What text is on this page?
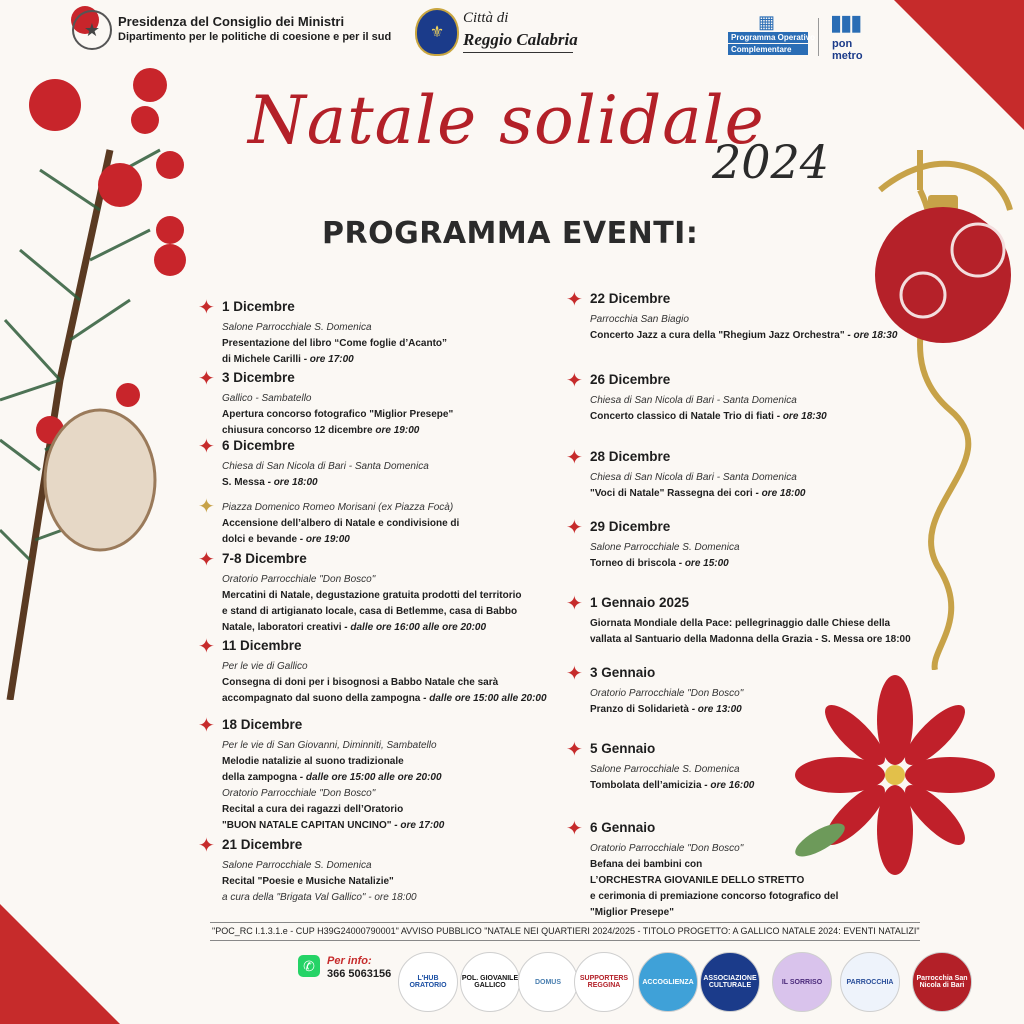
★	Presidenza del Consiglio dei Ministri
Dipartimento per le politiche di coesione e per il sud	⚜
Città di
Reggio Calabria
▦
Programma Operativo
Complementare
▮▮▮
pon
metro
Natale solidale
2024
PROGRAMMA EVENTI:
✦ 1 Dicembre
Salone Parrocchiale S. Domenica
Presentazione del libro “Come foglie d’Acanto”
di Michele Carilli - ore 17:00
✦ 3 Dicembre
Gallico - Sambatello
Apertura concorso fotografico "Miglior Presepe"
chiusura concorso 12 dicembre ore 19:00
✦ 6 Dicembre
Chiesa di San Nicola di Bari - Santa Domenica
S. Messa - ore 18:00
✦ Piazza Domenico Romeo Morisani (ex Piazza Focà)
Accensione dell’albero di Natale e condivisione di
dolci e bevande - ore 19:00
✦ 7-8 Dicembre
Oratorio Parrocchiale "Don Bosco"
Mercatini di Natale, degustazione gratuita prodotti del territorio
e stand di artigianato locale, casa di Betlemme, casa di Babbo
Natale, laboratori creativi - dalle ore 16:00 alle ore 20:00
✦ 11 Dicembre
Per le vie di Gallico
Consegna di doni per i bisognosi a Babbo Natale che sarà
accompagnato dal suono della zampogna - dalle ore 15:00 alle 20:00
✦ 18 Dicembre
Per le vie di San Giovanni, Diminniti, Sambatello
Melodie natalizie al suono tradizionale
della zampogna - dalle ore 15:00 alle ore 20:00
Oratorio Parrocchiale "Don Bosco"
Recital a cura dei ragazzi dell’Oratorio
"BUON NATALE CAPITAN UNCINO" - ore 17:00
✦ 21 Dicembre
Salone Parrocchiale S. Domenica
Recital "Poesie e Musiche Natalizie"
a cura della "Brigata Val Gallico" - ore 18:00
✦ 22 Dicembre
Parrocchia San Biagio
Concerto Jazz a cura della "Rhegium Jazz Orchestra" - ore 18:30
✦ 26 Dicembre
Chiesa di San Nicola di Bari - Santa Domenica
Concerto classico di Natale Trio di fiati - ore 18:30
✦ 28 Dicembre
Chiesa di San Nicola di Bari - Santa Domenica
"Voci di Natale" Rassegna dei cori - ore 18:00
✦ 29 Dicembre
Salone Parrocchiale S. Domenica
Torneo di briscola - ore 15:00
✦ 1 Gennaio 2025
Giornata Mondiale della Pace: pellegrinaggio dalle Chiese della
vallata al Santuario della Madonna della Grazia - S. Messa ore 18:00
✦ 3 Gennaio
Oratorio Parrocchiale "Don Bosco"
Pranzo di Solidarietà - ore 13:00
✦ 5 Gennaio
Salone Parrocchiale S. Domenica
Tombolata dell’amicizia - ore 16:00
✦ 6 Gennaio
Oratorio Parrocchiale "Don Bosco"
Befana dei bambini con
L’ORCHESTRA GIOVANILE DELLO STRETTO
e cerimonia di premiazione concorso fotografico del
"Miglior Presepe"
"POC_RC I.1.3.1.e - CUP H39G24000790001" AVVISO PUBBLICO "NATALE NEI QUARTIERI 2024/2025 - TITOLO PROGETTO: A GALLICO NATALE 2024: EVENTI NATALIZI"
✆	Per info:
366 5063156	L'HUB ORATORIO
POL. GIOVANILE GALLICO	DOMUS	SUPPORTERS REGGINA	ACCOGLIENZA	ASSOCIAZIONE CULTURALE	IL SORRISO	PARROCCHIA	Parrocchia San Nicola di Bari
